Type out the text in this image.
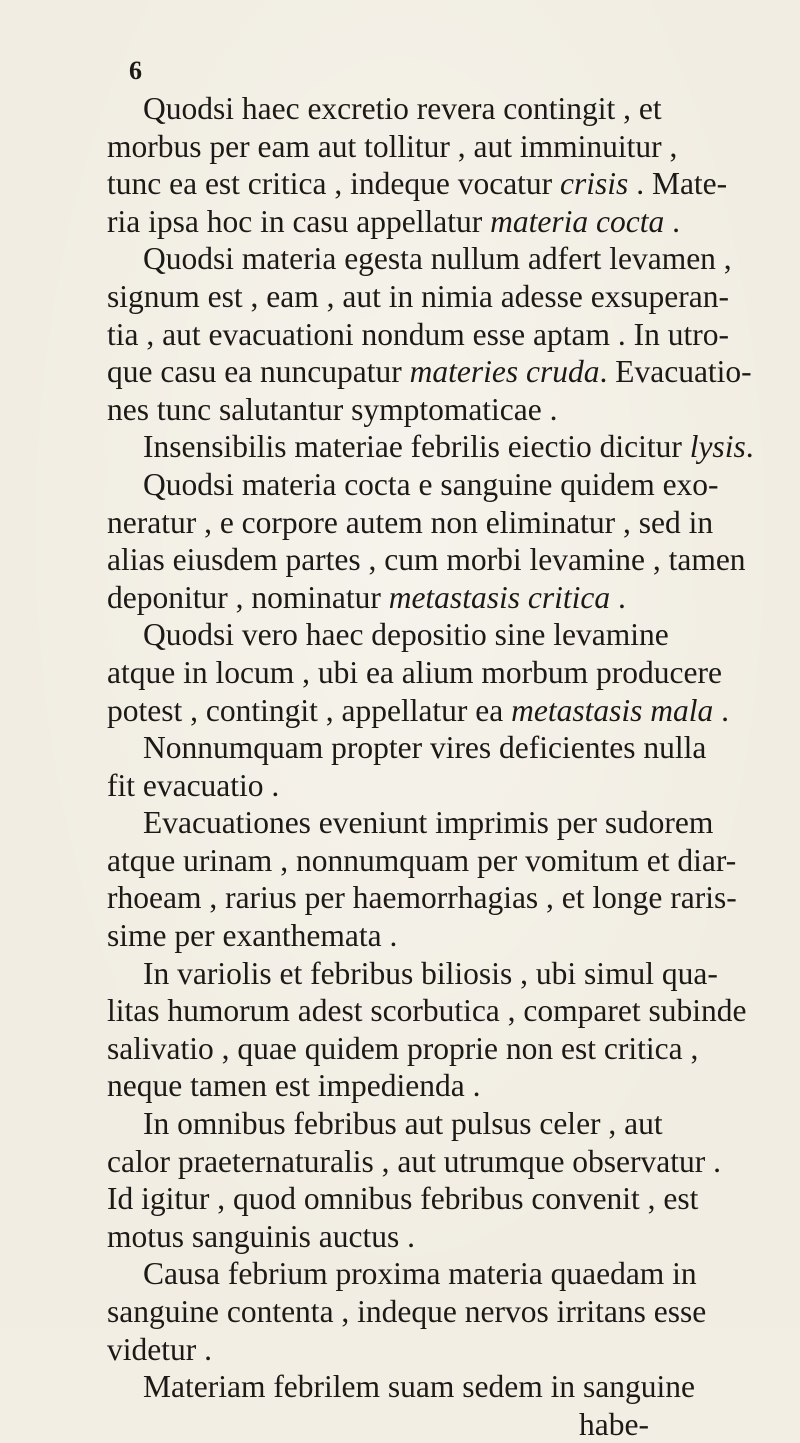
6
Quodsi haec excretio revera contingit , et
morbus per eam aut tollitur , aut imminuitur ,
tunc ea est critica , indeque vocatur crisis . Mate-
ria ipsa hoc in casu appellatur materia cocta .
Quodsi materia egesta nullum adfert levamen ,
signum est , eam , aut in nimia adesse exsuperan-
tia , aut evacuationi nondum esse aptam . In utro-
que casu ea nuncupatur materies cruda. Evacuatio-
nes tunc salutantur symptomaticae .
Insensibilis materiae febrilis eiectio dicitur lysis.
Quodsi materia cocta e sanguine quidem exo-
neratur , e corpore autem non eliminatur , sed in
alias eiusdem partes , cum morbi levamine , tamen
deponitur , nominatur metastasis critica .
Quodsi vero haec depositio sine levamine
atque in locum , ubi ea alium morbum producere
potest , contingit , appellatur ea metastasis mala .
Nonnumquam propter vires deficientes nulla
fit evacuatio .
Evacuationes eveniunt imprimis per sudorem
atque urinam , nonnumquam per vomitum et diar-
rhoeam , rarius per haemorrhagias , et longe raris-
sime per exanthemata .
In variolis et febribus biliosis , ubi simul qua-
litas humorum adest scorbutica , comparet subinde
salivatio , quae quidem proprie non est critica ,
neque tamen est impedienda .
In omnibus febribus aut pulsus celer , aut
calor praeternaturalis , aut utrumque observatur .
Id igitur , quod omnibus febribus convenit , est
motus sanguinis auctus .
Causa febrium proxima materia quaedam in
sanguine contenta , indeque nervos irritans esse
videtur .
Materiam febrilem suam sedem in sanguine
habe-
